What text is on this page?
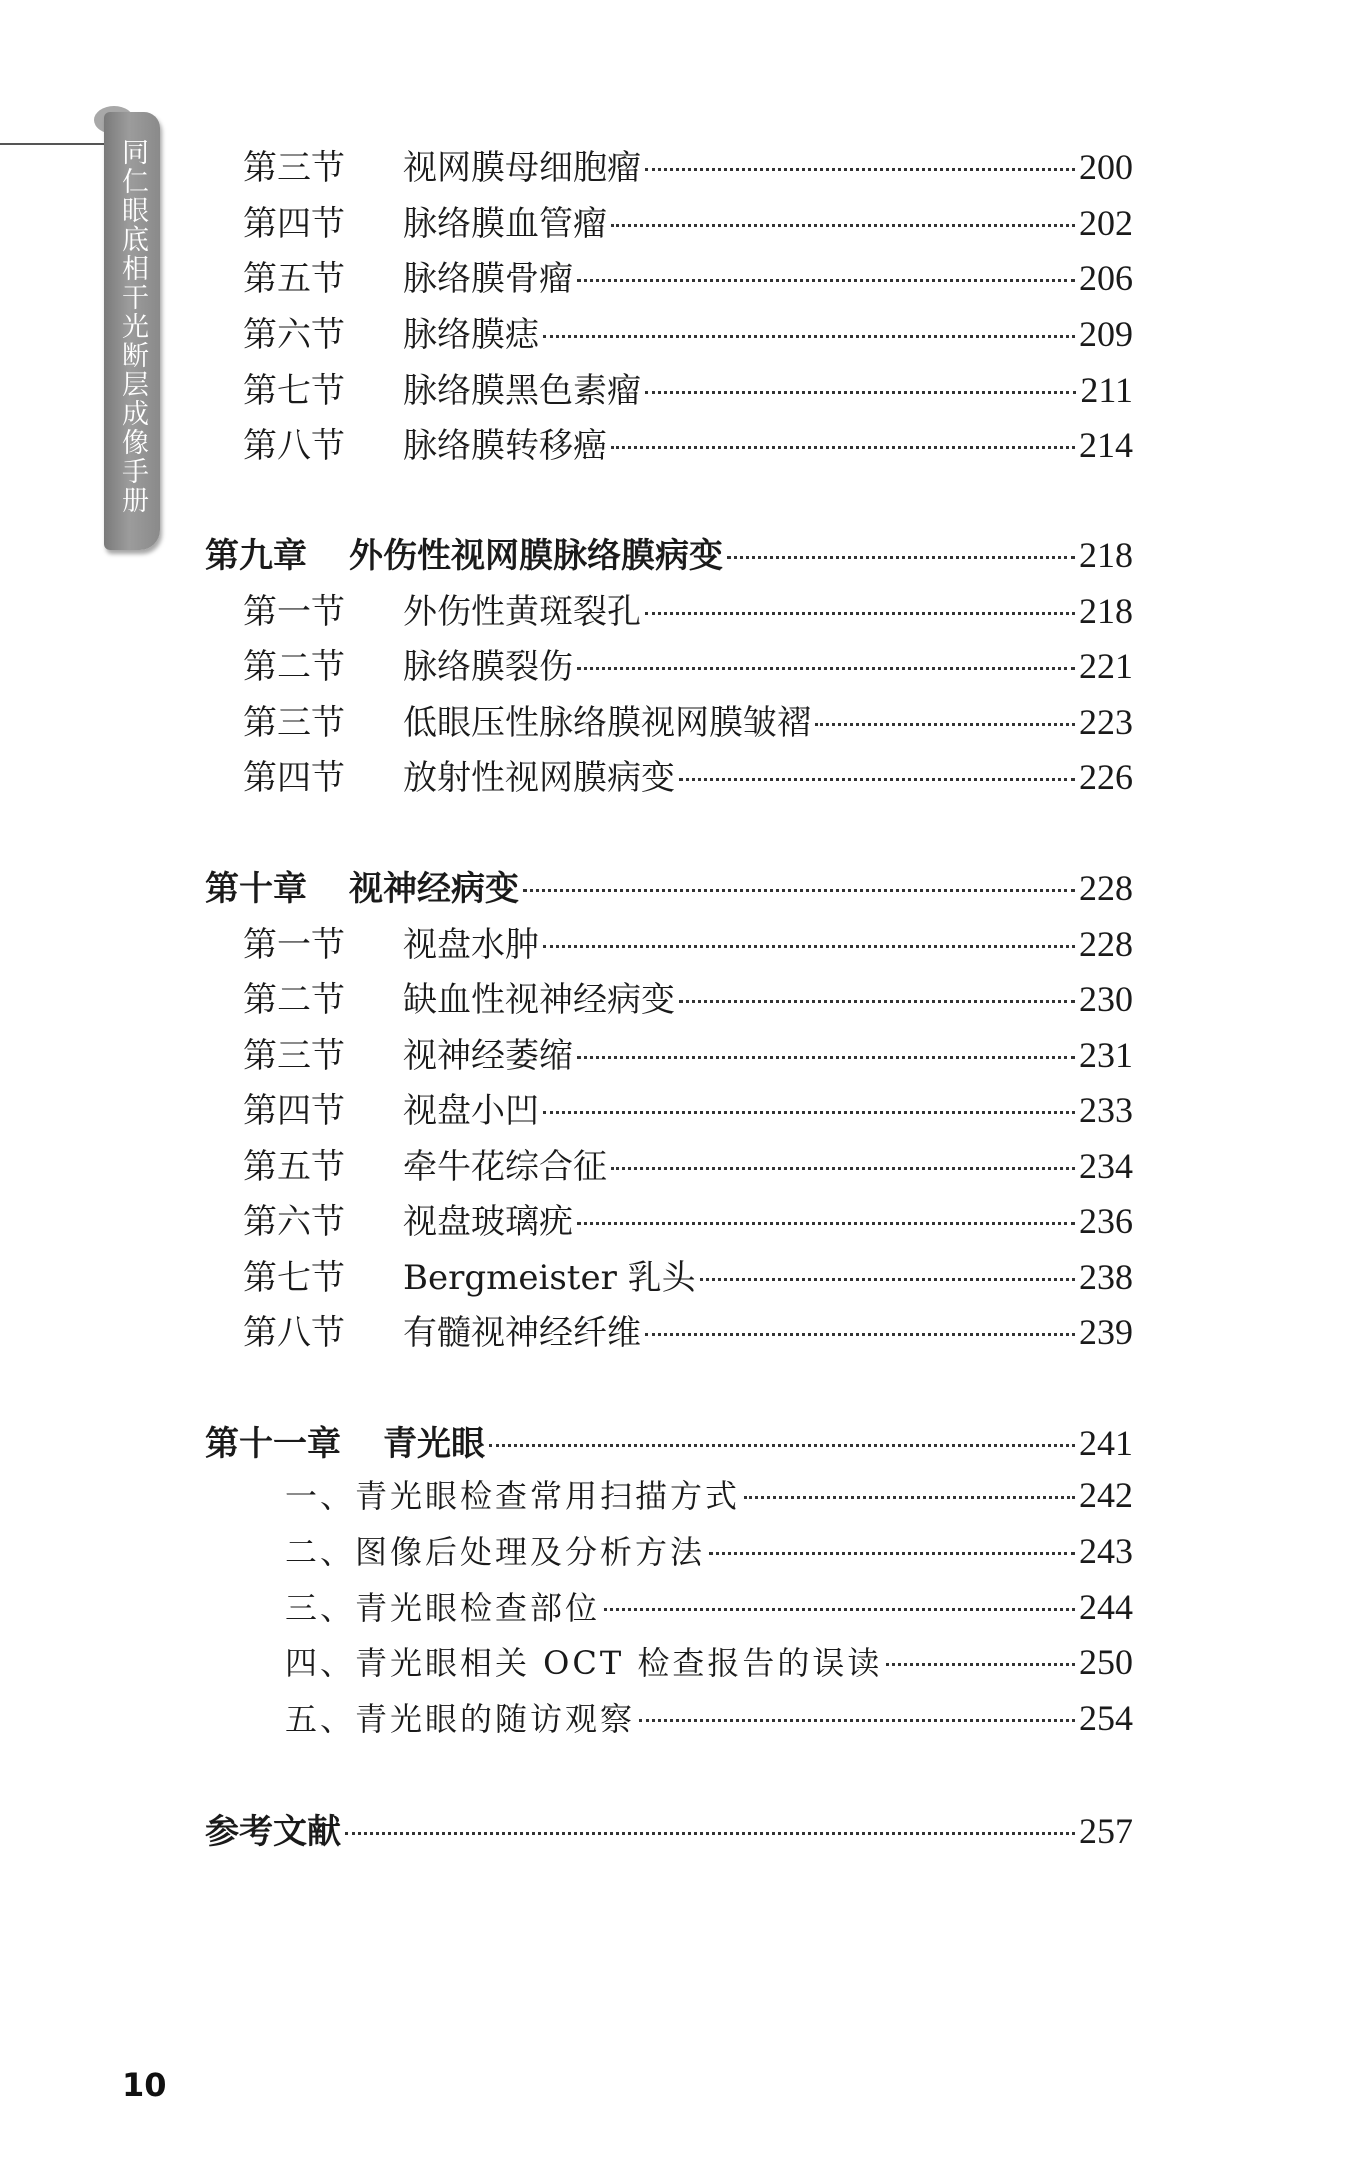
同仁眼底相干光断层成像手册	第三节	视网膜母细胞瘤	200
第四节	脉络膜血管瘤	202
第五节	脉络膜骨瘤	206
第六节	脉络膜痣	209
第七节	脉络膜黑色素瘤	211
第八节	脉络膜转移癌	214
第九章 外伤性视网膜脉络膜病变	218
第一节	外伤性黄斑裂孔	218
第二节	脉络膜裂伤	221
第三节	低眼压性脉络膜视网膜皱褶	223
第四节	放射性视网膜病变	226
第十章 视神经病变	228
第一节	视盘水肿	228
第二节	缺血性视神经病变	230
第三节	视神经萎缩	231
第四节	视盘小凹	233
第五节	牵牛花综合征	234
第六节	视盘玻璃疣	236
第七节	Bergmeister 乳头	238
第八节	有髓视神经纤维	239
第十一章 青光眼	241
一、青光眼检查常用扫描方式	242
二、图像后处理及分析方法	243
三、青光眼检查部位	244
四、青光眼相关 OCT 检查报告的误读	250
五、青光眼的随访观察	254
参考文献	257
10
